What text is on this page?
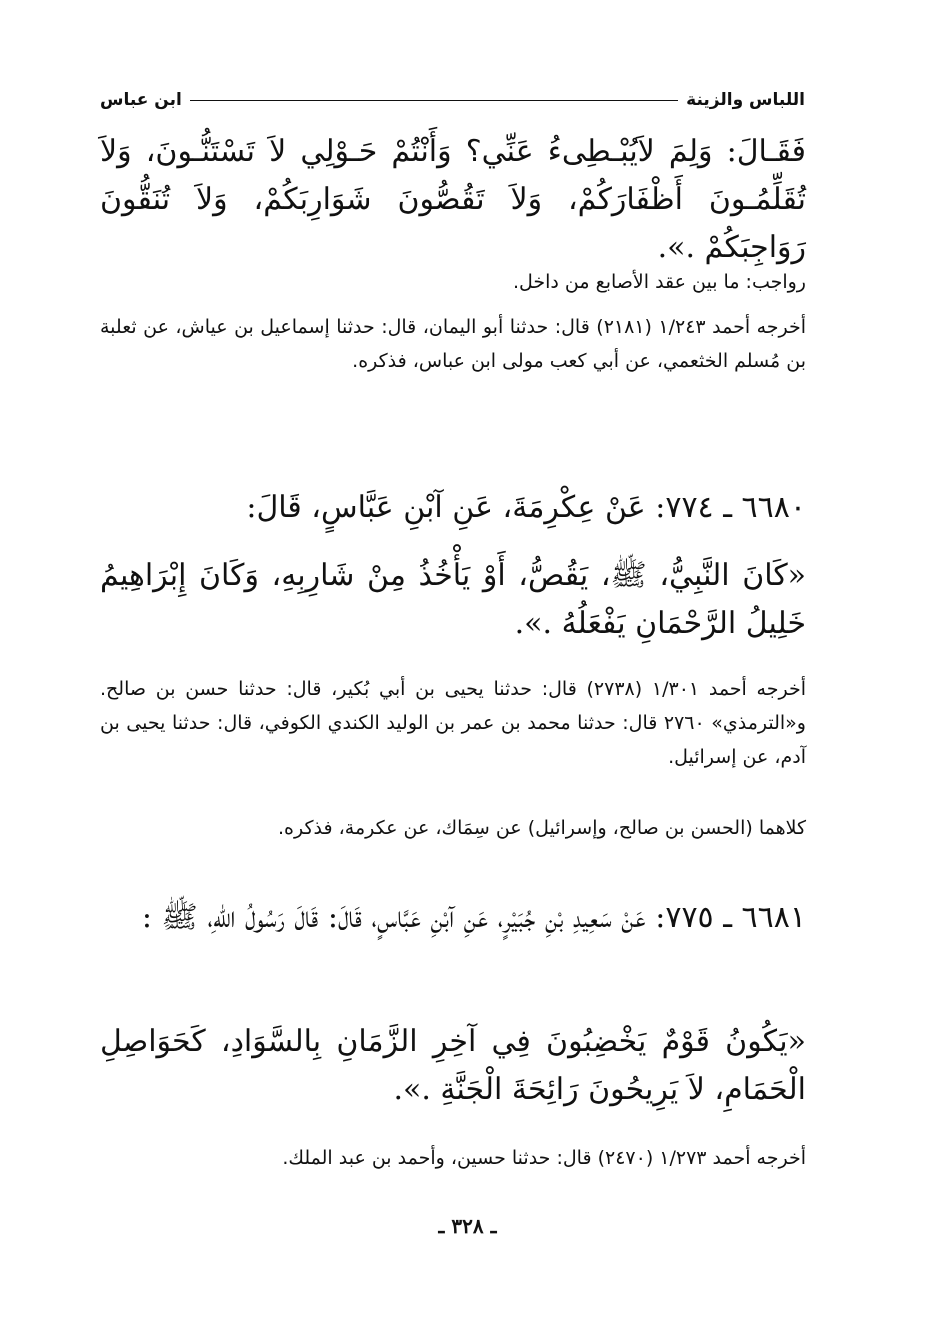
اللباس والزينة
ابن عباس
فَقَـالَ: وَلِمَ لاَيُبْـطِىءُ عَنِّي؟ وَأَنْتُمْ حَـوْلِي لاَ تَسْتَنُّـونَ، وَلاَ تُقَلِّمُـونَ أَظْفَارَكُمْ، وَلاَ تَقُصُّونَ شَوَارِبَكُمْ، وَلاَ تُنَقُّونَ رَوَاجِبَكُمْ .».
رواجب: ما بين عقد الأصابع من داخل.
أخرجه أحمد ١/٢٤٣ (٢١٨١) قال: حدثنا أبو اليمان، قال: حدثنا إسماعيل بن عياش، عن ثعلبة بن مُسلم الخثعمي، عن أبي كعب مولى ابن عباس، فذكره.
٦٦٨٠ ـ ٧٧٤: عَنْ عِكْرِمَةَ، عَنِ آبْنِ عَبَّاسٍ، قَالَ:
«كَانَ النَّبِيُّ، ﷺ، يَقُصُّ، أَوْ يَأْخُذُ مِنْ شَارِبِهِ، وَكَانَ إِبْرَاهِيمُ خَلِيلُ الرَّحْمَانِ يَفْعَلُهُ .».
أخرجه أحمد ١/٣٠١ (٢٧٣٨) قال: حدثنا يحيى بن أبي بُكير، قال: حدثنا حسن بن صالح. و«الترمذي» ٢٧٦٠ قال: حدثنا محمد بن عمر بن الوليد الكندي الكوفي، قال: حدثنا يحيى بن آدم، عن إسرائيل.
كلاهما (الحسن بن صالح، وإسرائيل) عن سِمَاك، عن عكرمة، فذكره.
٦٦٨١ ـ ٧٧٥: عَنْ سَعِيدِ بْنِ جُبَيْرٍ، عَنِ آبْنِ عَبَّاسٍ، قَالَ: قَالَ رَسُولُ اللّهِ، ﷺ :
«يَكُونُ قَوْمٌ يَخْضِبُونَ فِي آخِرِ الزَّمَانِ بِالسَّوَادِ، كَحَوَاصِلِ الْحَمَامِ، لاَ يَرِيحُونَ رَائِحَةَ الْجَنَّةِ .».
أخرجه أحمد ١/٢٧٣ (٢٤٧٠) قال: حدثنا حسين، وأحمد بن عبد الملك.
ـ ٣٢٨ ـ
